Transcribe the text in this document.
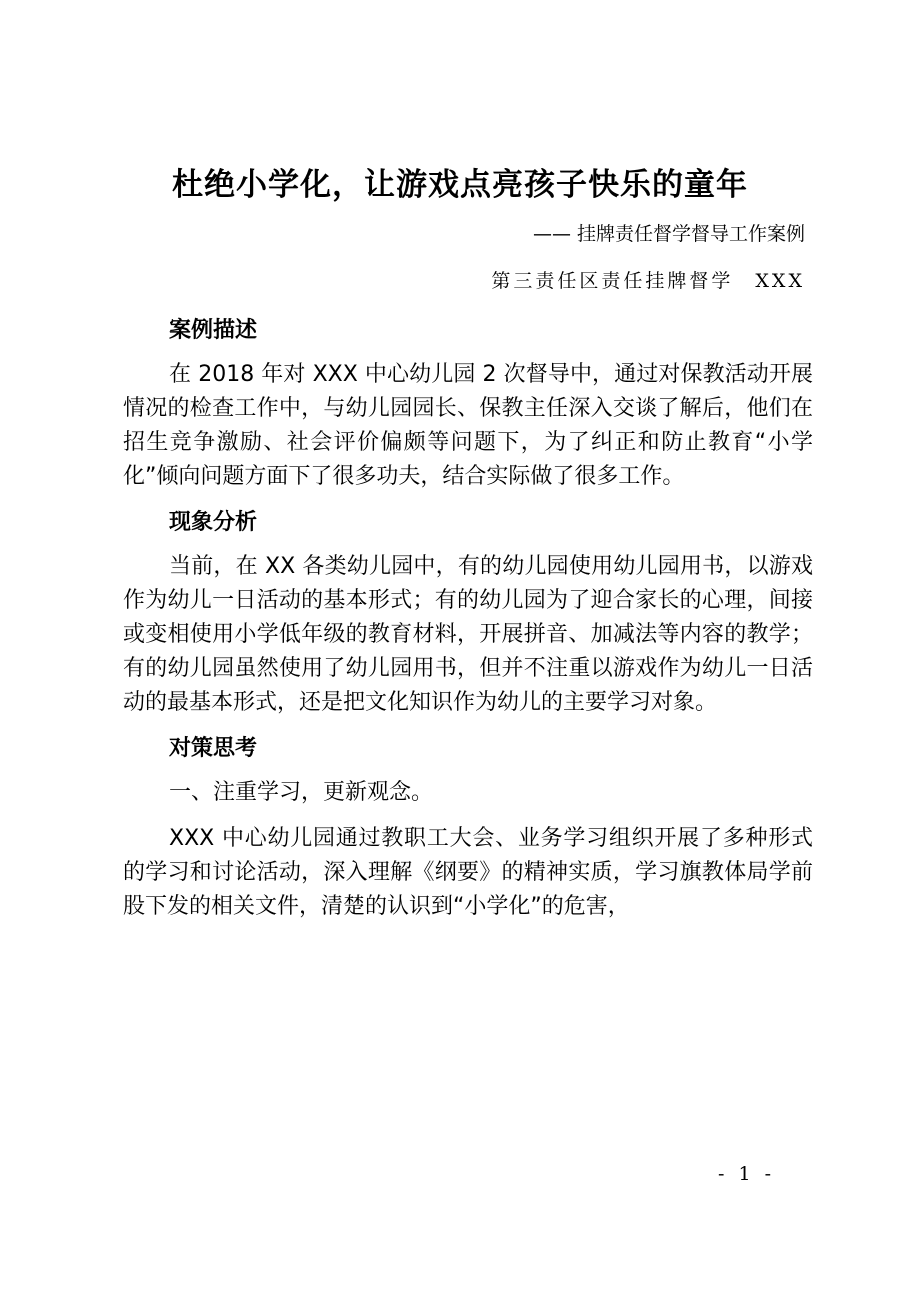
杜绝小学化，让游戏点亮孩子快乐的童年
—— 挂牌责任督学督导工作案例
第三责任区责任挂牌督学　XXX
案例描述
在 2018 年对 XXX 中心幼儿园 2 次督导中，通过对保教活动开展情况的检查工作中，与幼儿园园长、保教主任深入交谈了解后，他们在招生竞争激励、社会评价偏颇等问题下，为了纠正和防止教育“小学化”倾向问题方面下了很多功夫，结合实际做了很多工作。
现象分析
当前，在 XX 各类幼儿园中，有的幼儿园使用幼儿园用书，以游戏作为幼儿一日活动的基本形式；有的幼儿园为了迎合家长的心理，间接或变相使用小学低年级的教育材料，开展拼音、加减法等内容的教学；有的幼儿园虽然使用了幼儿园用书，但并不注重以游戏作为幼儿一日活动的最基本形式，还是把文化知识作为幼儿的主要学习对象。
对策思考
一、注重学习，更新观念。
XXX 中心幼儿园通过教职工大会、业务学习组织开展了多种形式的学习和讨论活动，深入理解《纲要》的精神实质，学习旗教体局学前股下发的相关文件，清楚的认识到“小学化”的危害，
- 1 -
